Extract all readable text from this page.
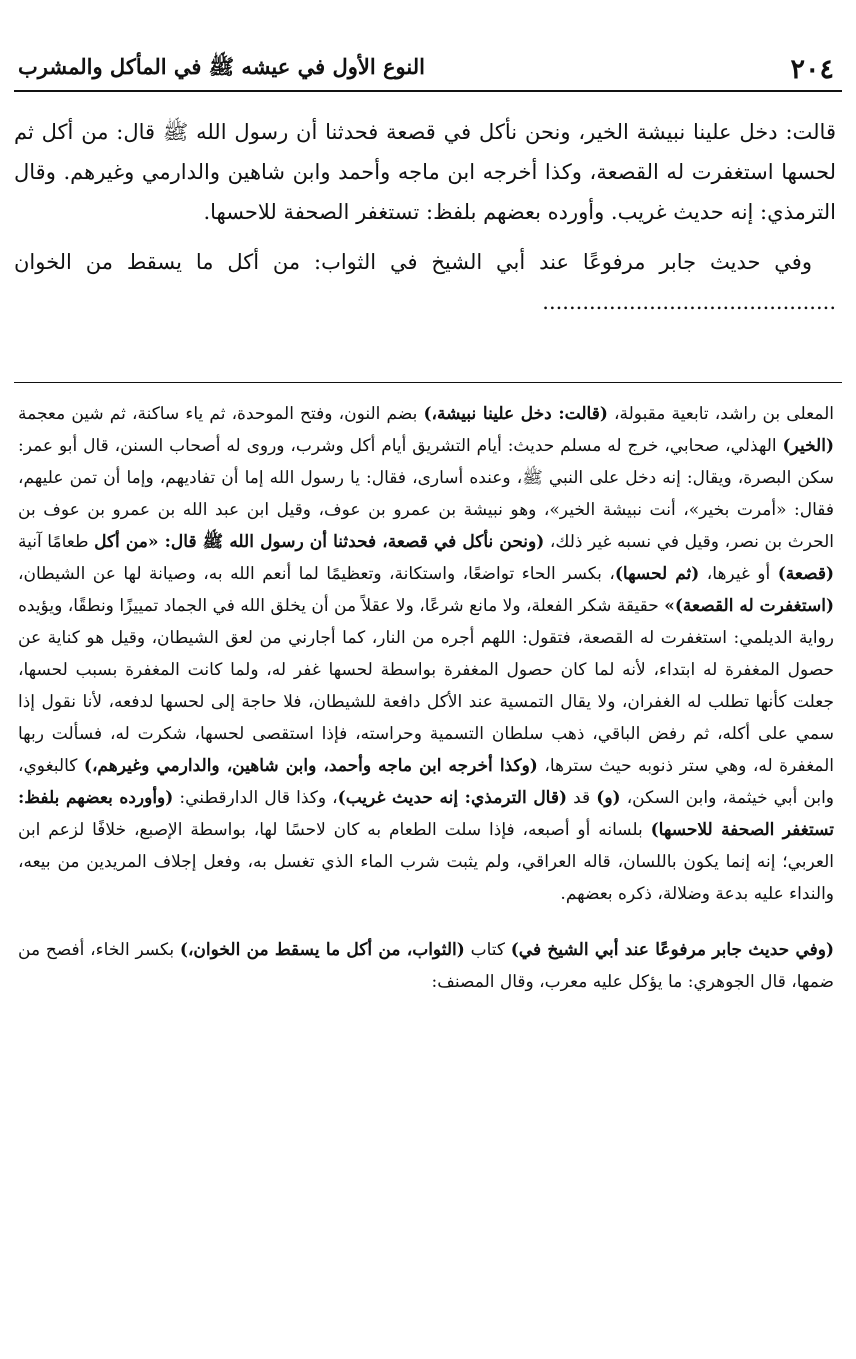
٢٠٤
النوع الأول في عيشه ﷺ في المأكل والمشرب

قالت: دخل علينا نبيشة الخير، ونحن نأكل في قصعة فحدثنا أن رسول الله ﷺ قال: من أكل ثم لحسها استغفرت له القصعة، وكذا أخرجه ابن ماجه وأحمد وابن شاهين والدارمي وغيرهم. وقال الترمذي: إنه حديث غريب. وأورده بعضهم بلفظ: تستغفر الصحفة للاحسها.

وفي حديث جابر مرفوعًا عند أبي الشيخ في الثواب: من أكل ما يسقط من الخوان ............................................

المعلى بن راشد، تابعية مقبولة، (قالت: دخل علينا نبيشة،) بضم النون، وفتح الموحدة، ثم ياء ساكنة، ثم شين معجمة (الخير) الهذلي، صحابي، خرج له مسلم حديث: أيام التشريق أيام أكل وشرب، وروى له أصحاب السنن، قال أبو عمر: سكن البصرة، ويقال: إنه دخل على النبي ﷺ، وعنده أسارى، فقال: يا رسول الله إما أن تفاديهم، وإما أن تمن عليهم، فقال: «أمرت بخير»، أنت نبيشة الخير»، وهو نبيشة بن عمرو بن عوف، وقيل ابن عبد الله بن عمرو بن عوف بن الحرث بن نصر، وقيل في نسبه غير ذلك، (ونحن نأكل في قصعة، فحدثنا أن رسول الله ﷺ قال: «من أكل طعامًا آنية (قصعة) أو غيرها، (ثم لحسها)، بكسر الحاء تواضعًا، واستكانة، وتعظيمًا لما أنعم الله به، وصيانة لها عن الشيطان، (استغفرت له القصعة)» حقيقة شكر الفعلة، ولا مانع شرعًا، ولا عقلاً من أن يخلق الله في الجماد تمييزًا ونطقًا، ويؤيده رواية الديلمي: استغفرت له القصعة، فتقول: اللهم أجره من النار، كما أجارني من لعق الشيطان، وقيل هو كناية عن حصول المغفرة له ابتداء، لأنه لما كان حصول المغفرة بواسطة لحسها غفر له، ولما كانت المغفرة بسبب لحسها، جعلت كأنها تطلب له الغفران، ولا يقال التمسية عند الأكل دافعة للشيطان، فلا حاجة إلى لحسها لدفعه، لأنا نقول إذا سمي على أكله، ثم رفض الباقي، ذهب سلطان التسمية وحراسته، فإذا استقصى لحسها، شكرت له، فسألت ربها المغفرة له، وهي ستر ذنوبه حيث سترها، (وكذا أخرجه ابن ماجه وأحمد، وابن شاهين، والدارمي وغيرهم،) كالبغوي، وابن أبي خيثمة، وابن السكن، (و) قد (قال الترمذي: إنه حديث غريب)، وكذا قال الدارقطني: (وأورده بعضهم بلفظ: تستغفر الصحفة للاحسها) بلسانه أو أصبعه، فإذا سلت الطعام به كان لاحسًا لها، بواسطة الإصبع، خلافًا لزعم ابن العربي؛ إنه إنما يكون باللسان، قاله العراقي، ولم يثبت شرب الماء الذي تغسل به، وفعل إجلاف المريدين من بيعه، والنداء عليه بدعة وضلالة، ذكره بعضهم.

(وفي حديث جابر مرفوعًا عند أبي الشيخ في) كتاب (الثواب، من أكل ما يسقط من الخوان،) بكسر الخاء، أفصح من ضمها، قال الجوهري: ما يؤكل عليه معرب، وقال المصنف:
